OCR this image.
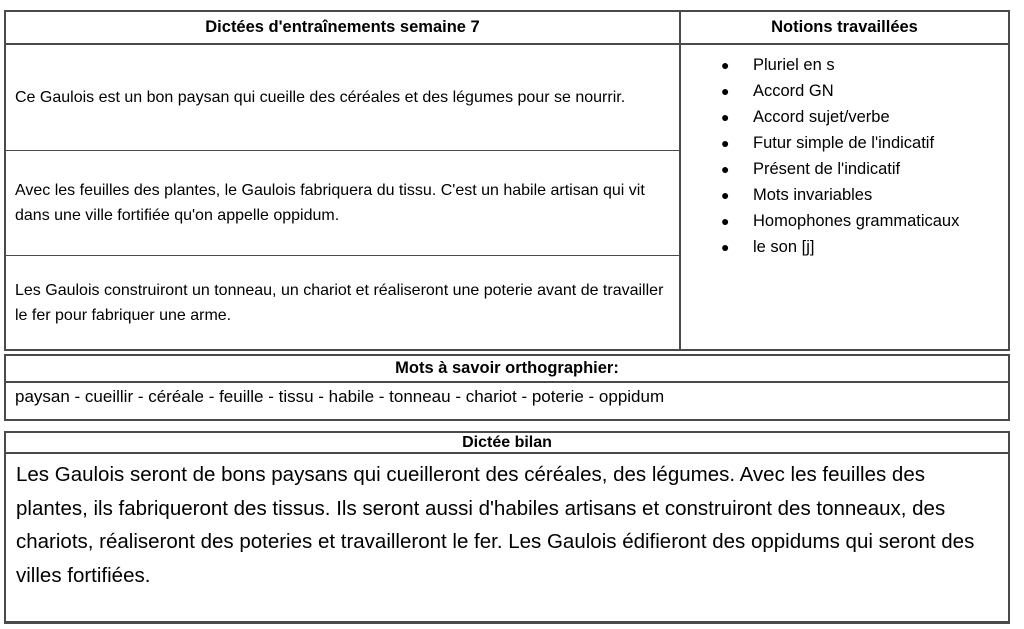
Dictées d'entraînements semaine 7	Notions travaillées
Ce Gaulois est un bon paysan qui cueille des céréales et des légumes pour se nourrir.
Avec les feuilles des plantes, le Gaulois fabriquera du tissu. C'est un habile artisan qui vit dans une ville fortifiée qu'on appelle oppidum.
Les Gaulois construiront un tonneau, un chariot et réaliseront une poterie avant de travailler le fer pour fabriquer une arme.
●	Pluriel en s
●	Accord GN
●	Accord sujet/verbe
●	Futur simple de l'indicatif
●	Présent de l'indicatif
●	Mots invariables
●	Homophones grammaticaux
●	le son [j]
Mots à savoir orthographier:
paysan - cueillir - céréale - feuille - tissu - habile - tonneau - chariot - poterie - oppidum
Dictée bilan
Les Gaulois seront de bons paysans qui cueilleront des céréales, des légumes. Avec les feuilles des plantes, ils fabriqueront des tissus. Ils seront aussi d'habiles artisans et construiront des tonneaux, des chariots, réaliseront des poteries et travailleront le fer. Les Gaulois édifieront des oppidums qui seront des villes fortifiées.
